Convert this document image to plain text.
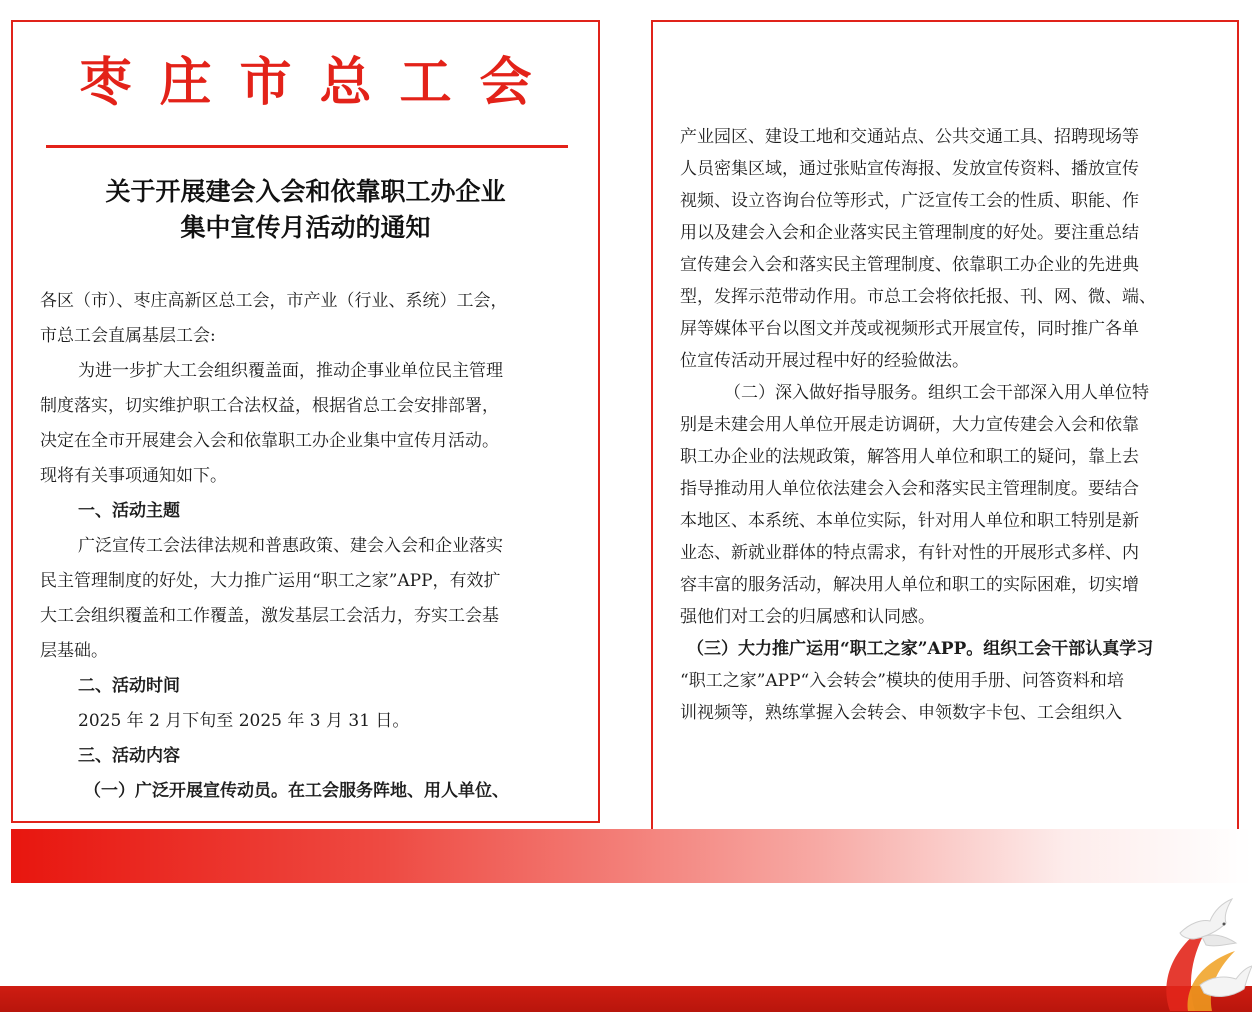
枣庄市总工会
关于开展建会入会和依靠职工办企业
集中宣传月活动的通知
各区（市）、枣庄高新区总工会，市产业（行业、系统）工会，
市总工会直属基层工会:
为进一步扩大工会组织覆盖面，推动企事业单位民主管理
制度落实，切实维护职工合法权益，根据省总工会安排部署，
决定在全市开展建会入会和依靠职工办企业集中宣传月活动。
现将有关事项通知如下。
一、活动主题
广泛宣传工会法律法规和普惠政策、建会入会和企业落实
民主管理制度的好处，大力推广运用“职工之家”APP，有效扩
大工会组织覆盖和工作覆盖，激发基层工会活力，夯实工会基
层基础。
二、活动时间
2025 年 2 月下旬至 2025 年 3 月 31 日。
三、活动内容
（一）广泛开展宣传动员。在工会服务阵地、用人单位、
产业园区、建设工地和交通站点、公共交通工具、招聘现场等
人员密集区域，通过张贴宣传海报、发放宣传资料、播放宣传
视频、设立咨询台位等形式，广泛宣传工会的性质、职能、作
用以及建会入会和企业落实民主管理制度的好处。要注重总结
宣传建会入会和落实民主管理制度、依靠职工办企业的先进典
型，发挥示范带动作用。市总工会将依托报、刊、网、微、端、
屏等媒体平台以图文并茂或视频形式开展宣传，同时推广各单
位宣传活动开展过程中好的经验做法。
（二）深入做好指导服务。组织工会干部深入用人单位特
别是未建会用人单位开展走访调研，大力宣传建会入会和依靠
职工办企业的法规政策，解答用人单位和职工的疑问，靠上去
指导推动用人单位依法建会入会和落实民主管理制度。要结合
本地区、本系统、本单位实际，针对用人单位和职工特别是新
业态、新就业群体的特点需求，有针对性的开展形式多样、内
容丰富的服务活动，解决用人单位和职工的实际困难，切实增
强他们对工会的归属感和认同感。
（三）大力推广运用“职工之家”APP。组织工会干部认真学习
“职工之家”APP“入会转会”模块的使用手册、问答资料和培
训视频等，熟练掌握入会转会、申领数字卡包、工会组织入
